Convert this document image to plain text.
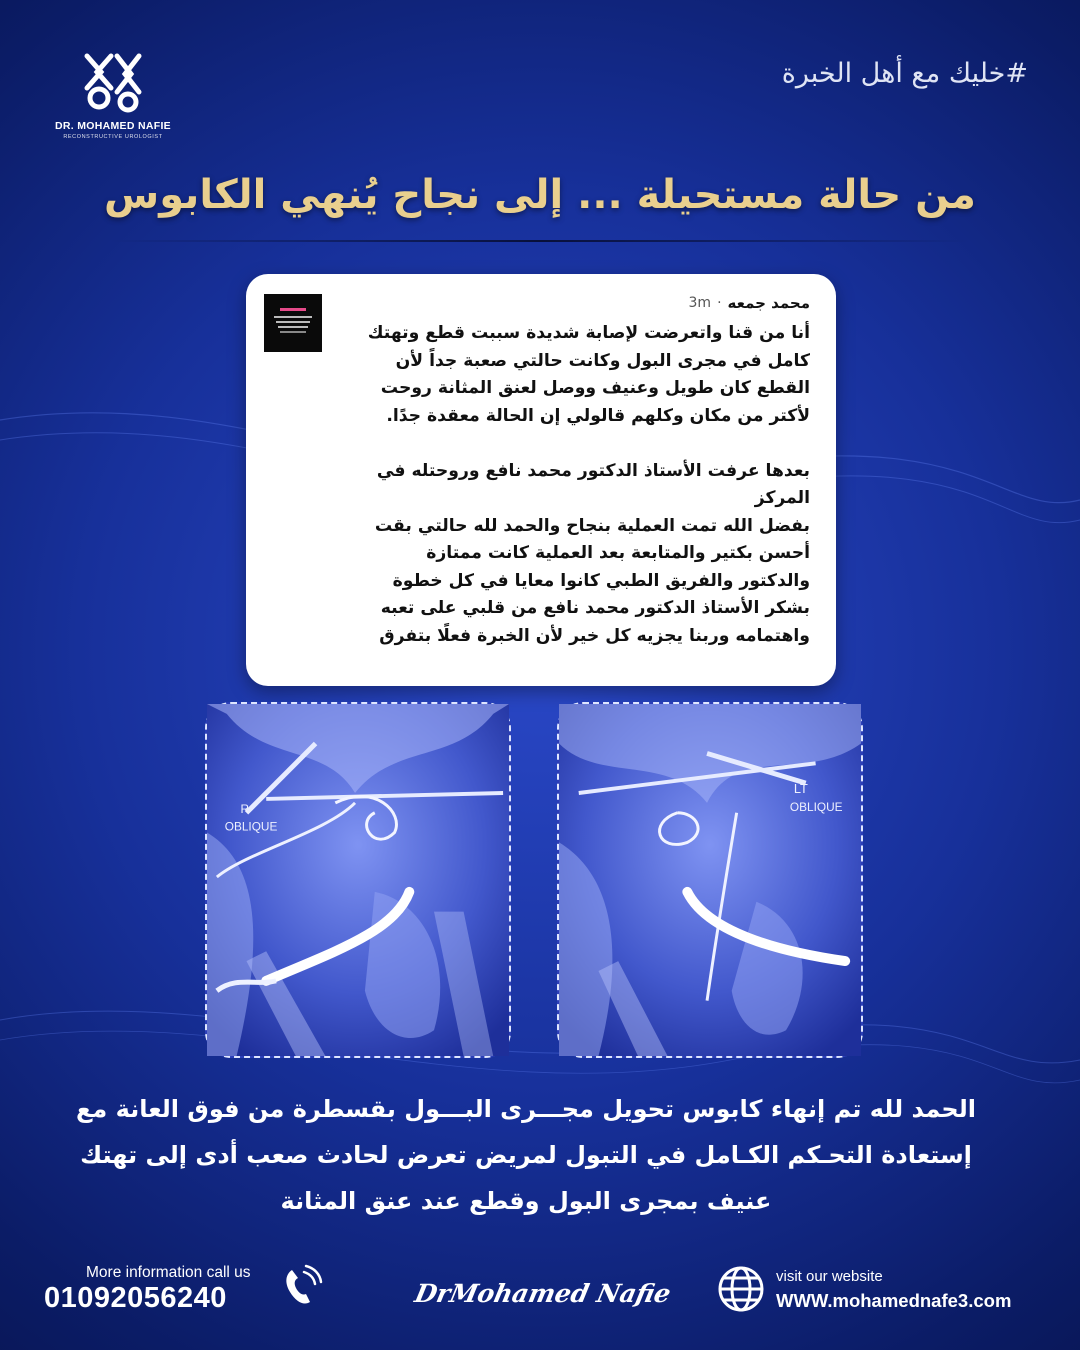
DR. MOHAMED NAFIE
RECONSTRUCTIVE UROLOGIST
#خليك مع أهل الخبرة
من حالة مستحيلة ... إلى نجاح يُنهي الكابوس
محمد جمعه
·
3m

أنا من قنا واتعرضت لإصابة شديدة سببت قطع وتهتك

كامل في مجرى البول وكانت حالتي صعبة جداً لأن

القطع كان طويل وعنيف ووصل لعنق المثانة روحت

لأكتر من مكان وكلهم قالولي إن الحالة معقدة جدًا.

بعدها عرفت الأستاذ الدكتور محمد نافع وروحتله في

المركز

بفضل الله تمت العملية بنجاح والحمد لله حالتي بقت

أحسن بكتير والمتابعة بعد العملية كانت ممتازة

والدكتور والفريق الطبي كانوا معايا في كل خطوة

بشكر الأستاذ الدكتور محمد نافع من قلبي على تعبه

واهتمامه وربنا يجزيه كل خير لأن الخبرة فعلًا بتفرق

R
OBLIQUE
LT
OBLIQUE

الحمد لله تم إنهاء كابوس تحويل مجـــرى البـــول بقسطرة من فوق العانة مع

إستعادة التحـكم الكـامل في التبول لمريض تعرض لحادث صعب أدى إلى تهتك

عنيف بمجرى البول وقطع عند عنق المثانة

More information call us
01092056240	DrMohamed Nafie
visit our website
WWW.mohamednafe3.com
